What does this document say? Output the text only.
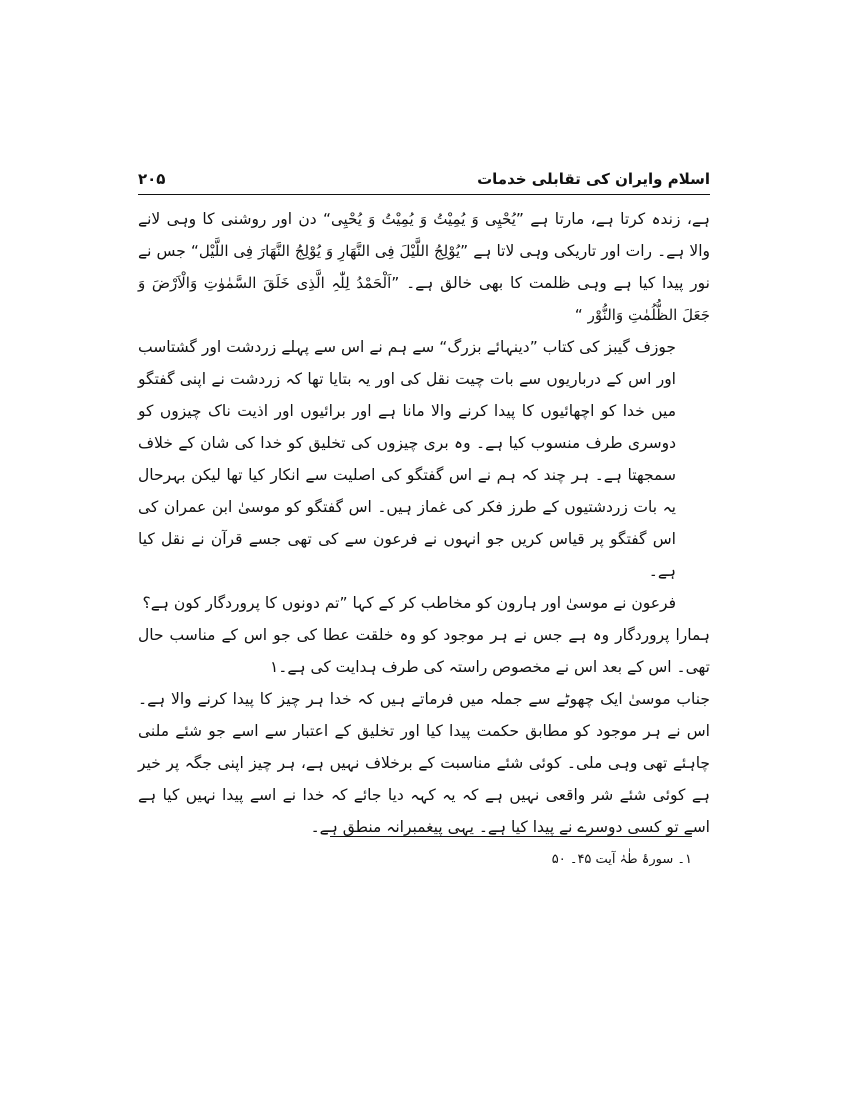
اسلام وایران کی تقابلی خدمات
۲۰۵

ہے، زندہ کرتا ہے، مارتا ہے ”یُحْیِی وَ یُمِیْتُ وَ یُمِیْتُ وَ یُحْیِی“ دن اور روشنی کا وہی لانے والا ہے۔ رات اور تاریکی وہی لاتا ہے ”یُوْلِجُ اللَّیْلَ فِی النَّهَارِ وَ یُوْلِجُ النَّهَارَ فِی اللَّیْل“ جس نے نور پیدا کیا ہے وہی ظلمت کا بھی خالق ہے۔ ”اَلْحَمْدُ لِلّٰہِ الَّذِی خَلَقَ السَّمٰوٰتِ وَالْاَرْضَ وَ جَعَلَ الظُّلُمٰتِ وَالنُّوْر “

جوزف گیبز کی کتاب ”دینہائے بزرگ“ سے ہم نے اس سے پہلے زردشت اور گشتاسب اور اس کے درباریوں سے بات چیت نقل کی اور یہ بتایا تھا کہ زردشت نے اپنی گفتگو میں خدا کو اچھائیوں کا پیدا کرنے والا مانا ہے اور برائیوں اور اذیت ناک چیزوں کو دوسری طرف منسوب کیا ہے۔ وہ بری چیزوں کی تخلیق کو خدا کی شان کے خلاف سمجھتا ہے۔ ہر چند کہ ہم نے اس گفتگو کی اصلیت سے انکار کیا تھا لیکن بہرحال یہ بات زردشتیوں کے طرز فکر کی غماز ہیں۔ اس گفتگو کو موسیٰ ابن عمران کی اس گفتگو پر قیاس کریں جو انہوں نے فرعون سے کی تھی جسے قرآن نے نقل کیا ہے۔

فرعون نے موسیٰ اور ہارون کو مخاطب کر کے کہا ”تم دونوں کا پروردگار کون ہے؟

ہمارا پروردگار وہ ہے جس نے ہر موجود کو وہ خلقت عطا کی جو اس کے مناسب حال تھی۔ اس کے بعد اس نے مخصوص راستہ کی طرف ہدایت کی ہے۔۱

جناب موسیٰ ایک چھوٹے سے جملہ میں فرماتے ہیں کہ خدا ہر چیز کا پیدا کرنے والا ہے۔ اس نے ہر موجود کو مطابق حکمت پیدا کیا اور تخلیق کے اعتبار سے اسے جو شئے ملنی چاہئے تھی وہی ملی۔ کوئی شئے مناسبت کے برخلاف نہیں ہے، ہر چیز اپنی جگہ پر خیر ہے کوئی شئے شر واقعی نہیں ہے کہ یہ کہہ دیا جائے کہ خدا نے اسے پیدا نہیں کیا ہے اسے تو کسی دوسرے نے پیدا کیا ہے۔ یہی پیغمبرانہ منطق ہے۔

۱۔ سورۂ طٰہٰ آیت ۴۵۔ ۵۰
